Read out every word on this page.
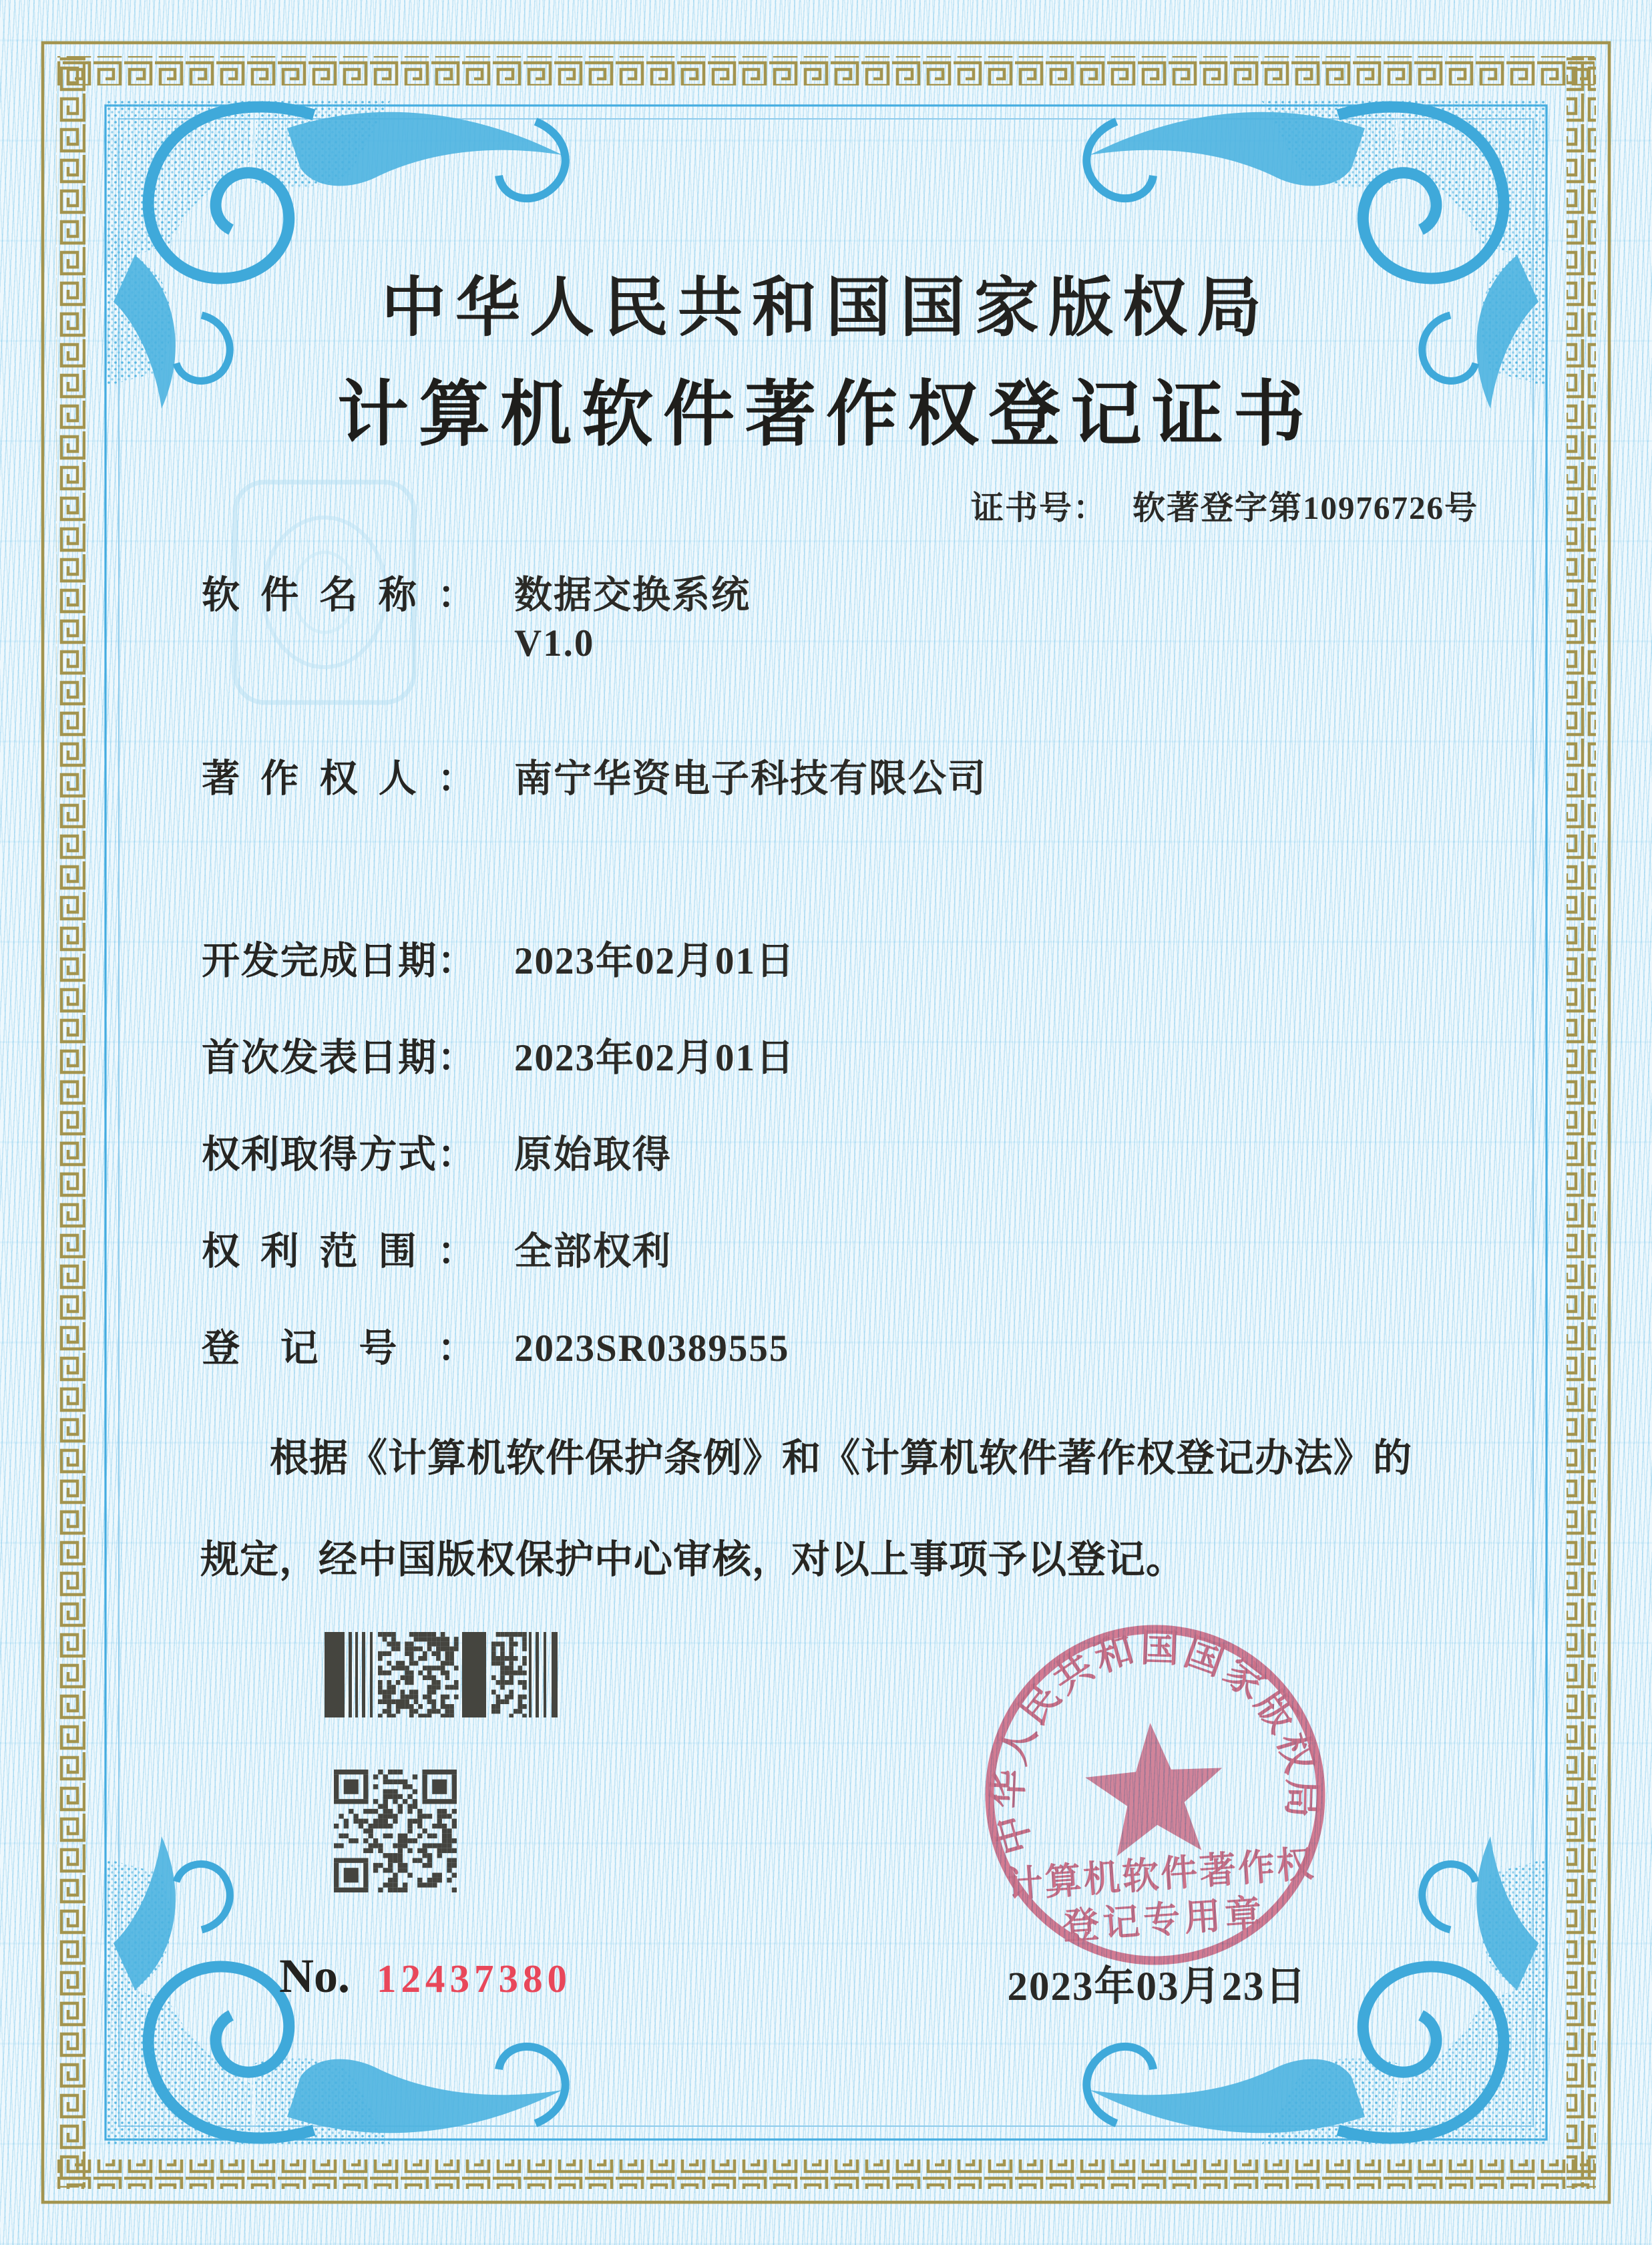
中华人民共和国国家版权局
计算机软件著作权登记证书
证书号： 软著登字第10976726号
软件名称： 数据交换系统
V1.0
著作权人： 南宁华资电子科技有限公司
开发完成日期： 2023年02月01日
首次发表日期： 2023年02月01日
权利取得方式： 原始取得
权利范围： 全部权利
登记号： 2023SR0389555
根据《计算机软件保护条例》和《计算机软件著作权登记办法》的
规定，经中国版权保护中心审核，对以上事项予以登记。
中华人民共和国国家版权局
计算机软件著作权
登记专用章
No. 12437380	2023年03月23日
